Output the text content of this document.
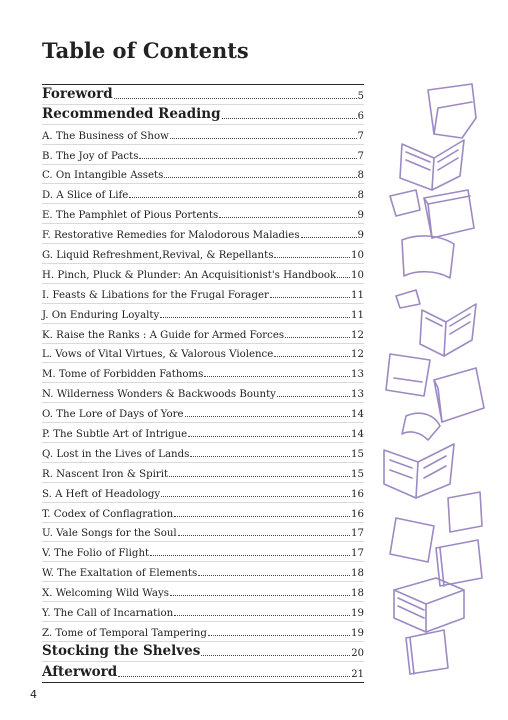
Table of Contents
Foreword	5
Recommended Reading	6
A. The Business of Show	7
B. The Joy of Pacts	7
C. On Intangible Assets	8
D. A Slice of Life	8
E. The Pamphlet of Pious Portents	9
F. Restorative Remedies for Malodorous Maladies	9
G. Liquid Refreshment,Revival, & Repellants	10
H. Pinch, Pluck & Plunder: An Acquisitionist's Handbook 10
I. Feasts & Libations for the Frugal Forager	11
J. On Enduring Loyalty	11
K. Raise the Ranks : A Guide for Armed Forces	12
L. Vows of Vital Virtues, & Valorous Violence	12
M. Tome of Forbidden Fathoms	13
N. Wilderness Wonders & Backwoods Bounty	13
O. The Lore of Days of Yore	14
P. The Subtle Art of Intrigue	14
Q. Lost in the Lives of Lands	15
R. Nascent Iron & Spirit	15
S. A Heft of Headology	16
T. Codex of Conflagration	16
U. Vale Songs for the Soul	17
V. The Folio of Flight	17
W. The Exaltation of Elements	18
X. Welcoming Wild Ways	18
Y. The Call of Incarnation	19
Z. Tome of Temporal Tampering	19
Stocking the Shelves	20
Afterword	21
4
